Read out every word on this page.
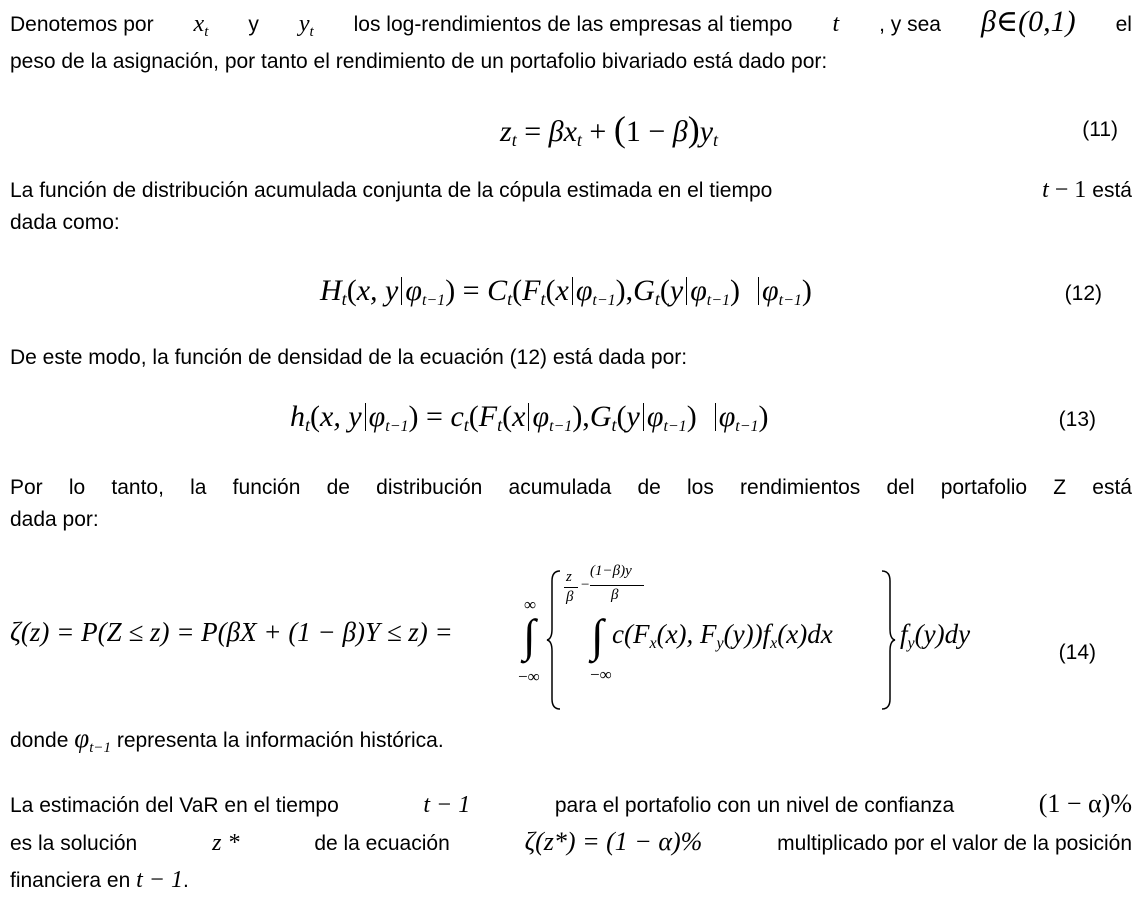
Denotemos por $x_t$ y $y_t$ los log-rendimientos de las empresas al tiempo t , y sea β∈(0,1) el
peso de la asignación, por tanto el rendimiento de un portafolio bivariado está dado por:
$z_t = \beta x_t + (1 - \beta)y_t$	(11)
La función de distribución acumulada conjunta de la cópula estimada en el tiempo	t − 1 está
dada como:
$H_t(x$, y $\varphi_{t-1}) = C_t(F_t(x$ $\varphi_{t-1}),G_t(y$ $\varphi_{t-1}$)  $\varphi_{t-1}$)	(12)
De este modo, la función de densidad de la ecuación (12) está dada por:
$h_t(x$, y $\varphi_{t-1}) = c_t(F_t(x$ $\varphi_{t-1}),G_t(y$ $\varphi_{t-1}$)  $\varphi_{t-1}$)	(13)
Por lo tanto, la función de distribución acumulada de los rendimientos del portafolio Z está
dada por:
ζ(z) = P(Z ≤ z) = P(βX + (1 − β)Y ≤ z) =
∞
∫
−∞
z
β
−
(1−β)y
β
∫
−∞
$c(F_x(x)$, $F_y(y))f_x(x)dx$ $f_y(y)dy$
(14)
donde $\varphi_{t-1}$ representa la información histórica.
La estimación del VaR en el tiempo	t − 1	para el portafolio con un nivel de confianza	(1 − α)%
es la solución	z *	de la ecuación	ζ(z*) = (1 − α)%	multiplicado por el valor de la posición
financiera en t − 1.
